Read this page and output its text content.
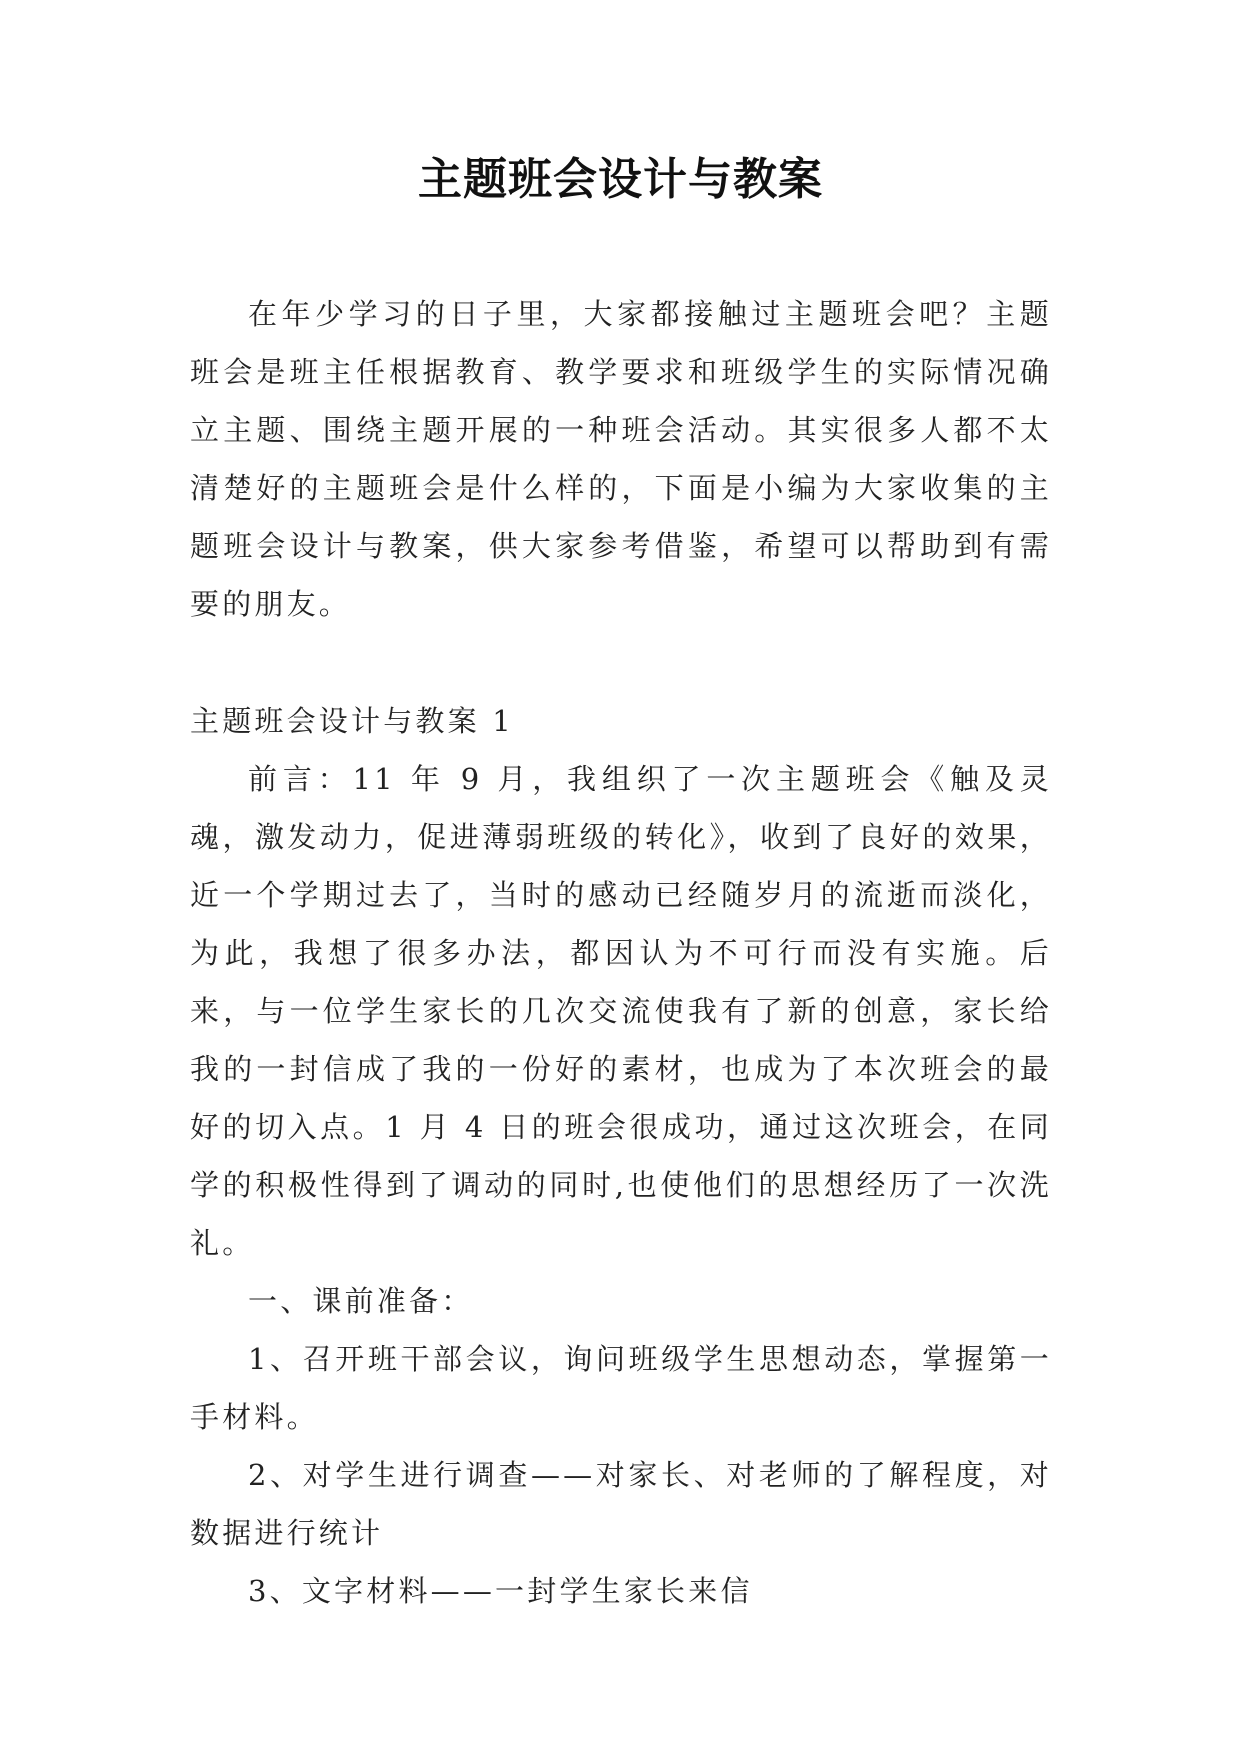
主题班会设计与教案

在年少学习的日子里，大家都接触过主题班会吧？主题班会是班主任根据教育、教学要求和班级学生的实际情况确立主题、围绕主题开展的一种班会活动。其实很多人都不太清楚好的主题班会是什么样的，下面是小编为大家收集的主题班会设计与教案，供大家参考借鉴，希望可以帮助到有需要的朋友。

主题班会设计与教案 1

前言：11 年 9 月，我组织了一次主题班会《触及灵魂，激发动力，促进薄弱班级的转化》，收到了良好的效果，近一个学期过去了，当时的感动已经随岁月的流逝而淡化，为此，我想了很多办法，都因认为不可行而没有实施。后来，与一位学生家长的几次交流使我有了新的创意，家长给我的一封信成了我的一份好的素材，也成为了本次班会的最好的切入点。1 月 4 日的班会很成功，通过这次班会，在同学的积极性得到了调动的同时,也使他们的思想经历了一次洗礼。

一、课前准备：

1、召开班干部会议，询问班级学生思想动态，掌握第一手材料。

2、对学生进行调查——对家长、对老师的了解程度，对数据进行统计

3、文字材料——一封学生家长来信
